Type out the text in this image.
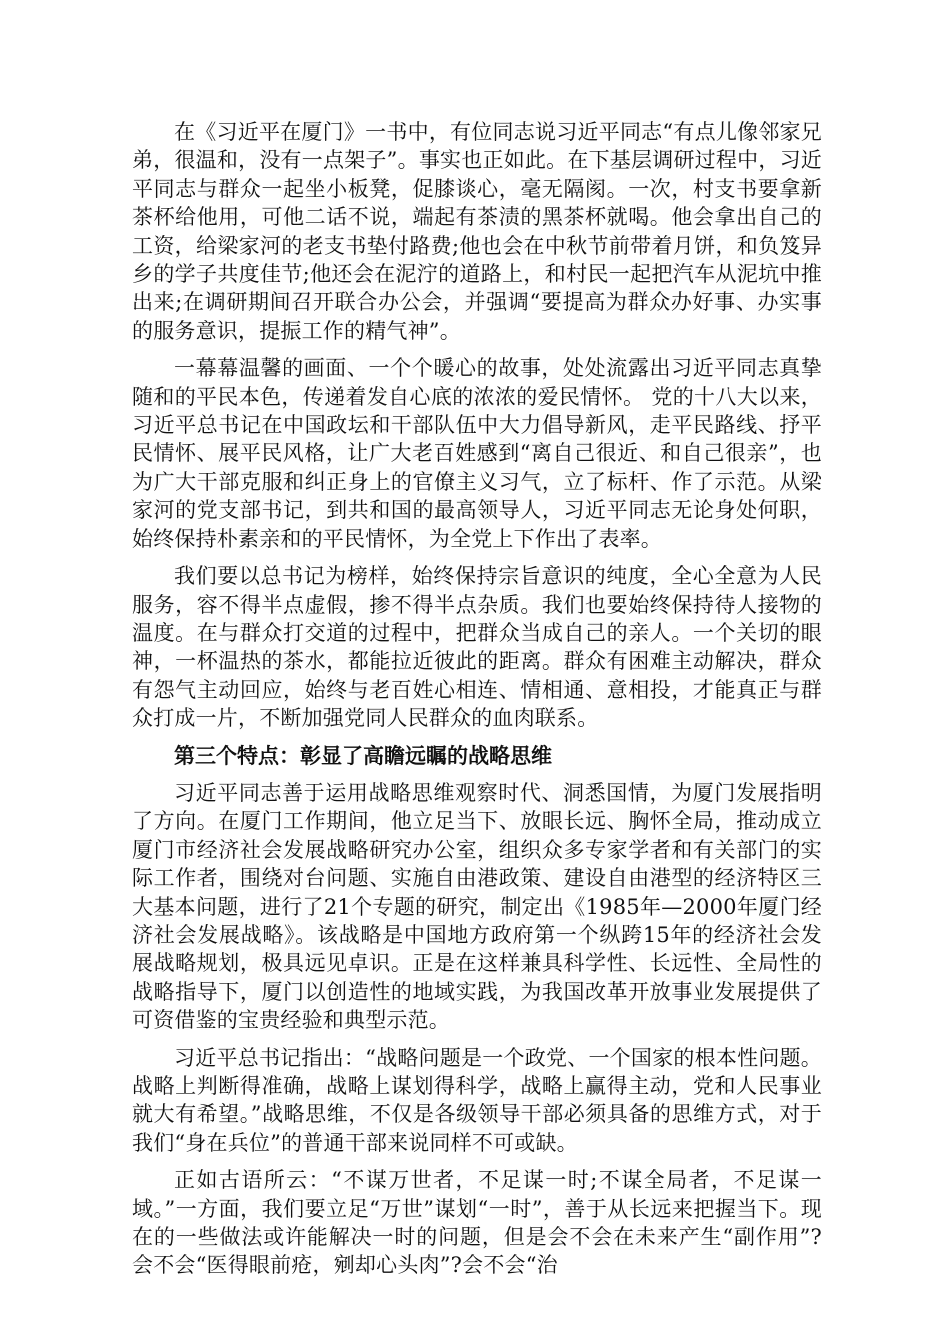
在《习近平在厦门》一书中，有位同志说习近平同志“有点儿像邻家兄弟，很温和，没有一点架子”。事实也正如此。在下基层调研过程中，习近平同志与群众一起坐小板凳，促膝谈心，毫无隔阂。一次，村支书要拿新茶杯给他用，可他二话不说，端起有茶渍的黑茶杯就喝。他会拿出自己的工资，给梁家河的老支书垫付路费;他也会在中秋节前带着月饼，和负笈异乡的学子共度佳节;他还会在泥泞的道路上，和村民一起把汽车从泥坑中推出来;在调研期间召开联合办公会，并强调“要提高为群众办好事、办实事的服务意识，提振工作的精气神”。

一幕幕温馨的画面、一个个暖心的故事，处处流露出习近平同志真挚随和的平民本色，传递着发自心底的浓浓的爱民情怀。 党的十八大以来，习近平总书记在中国政坛和干部队伍中大力倡导新风，走平民路线、抒平民情怀、展平民风格，让广大老百姓感到“离自己很近、和自己很亲”，也为广大干部克服和纠正身上的官僚主义习气，立了标杆、作了示范。从梁家河的党支部书记，到共和国的最高领导人，习近平同志无论身处何职，始终保持朴素亲和的平民情怀，为全党上下作出了表率。

我们要以总书记为榜样，始终保持宗旨意识的纯度，全心全意为人民服务，容不得半点虚假，掺不得半点杂质。我们也要始终保持待人接物的温度。在与群众打交道的过程中，把群众当成自己的亲人。一个关切的眼神，一杯温热的茶水，都能拉近彼此的距离。群众有困难主动解决，群众有怨气主动回应，始终与老百姓心相连、情相通、意相投，才能真正与群众打成一片，不断加强党同人民群众的血肉联系。

第三个特点：彰显了高瞻远瞩的战略思维

习近平同志善于运用战略思维观察时代、洞悉国情，为厦门发展指明了方向。在厦门工作期间，他立足当下、放眼长远、胸怀全局，推动成立厦门市经济社会发展战略研究办公室，组织众多专家学者和有关部门的实际工作者，围绕对台问题、实施自由港政策、建设自由港型的经济特区三大基本问题，进行了21个专题的研究，制定出《1985年—2000年厦门经济社会发展战略》。该战略是中国地方政府第一个纵跨15年的经济社会发展战略规划，极具远见卓识。正是在这样兼具科学性、长远性、全局性的战略指导下，厦门以创造性的地域实践，为我国改革开放事业发展提供了可资借鉴的宝贵经验和典型示范。

习近平总书记指出：“战略问题是一个政党、一个国家的根本性问题。战略上判断得准确，战略上谋划得科学，战略上赢得主动，党和人民事业就大有希望。”战略思维，不仅是各级领导干部必须具备的思维方式，对于我们“身在兵位”的普通干部来说同样不可或缺。

正如古语所云：“不谋万世者，不足谋一时;不谋全局者，不足谋一域。”一方面，我们要立足“万世”谋划“一时”，善于从长远来把握当下。现在的一些做法或许能解决一时的问题，但是会不会在未来产生“副作用”?会不会“医得眼前疮，剜却心头肉”?会不会“治
